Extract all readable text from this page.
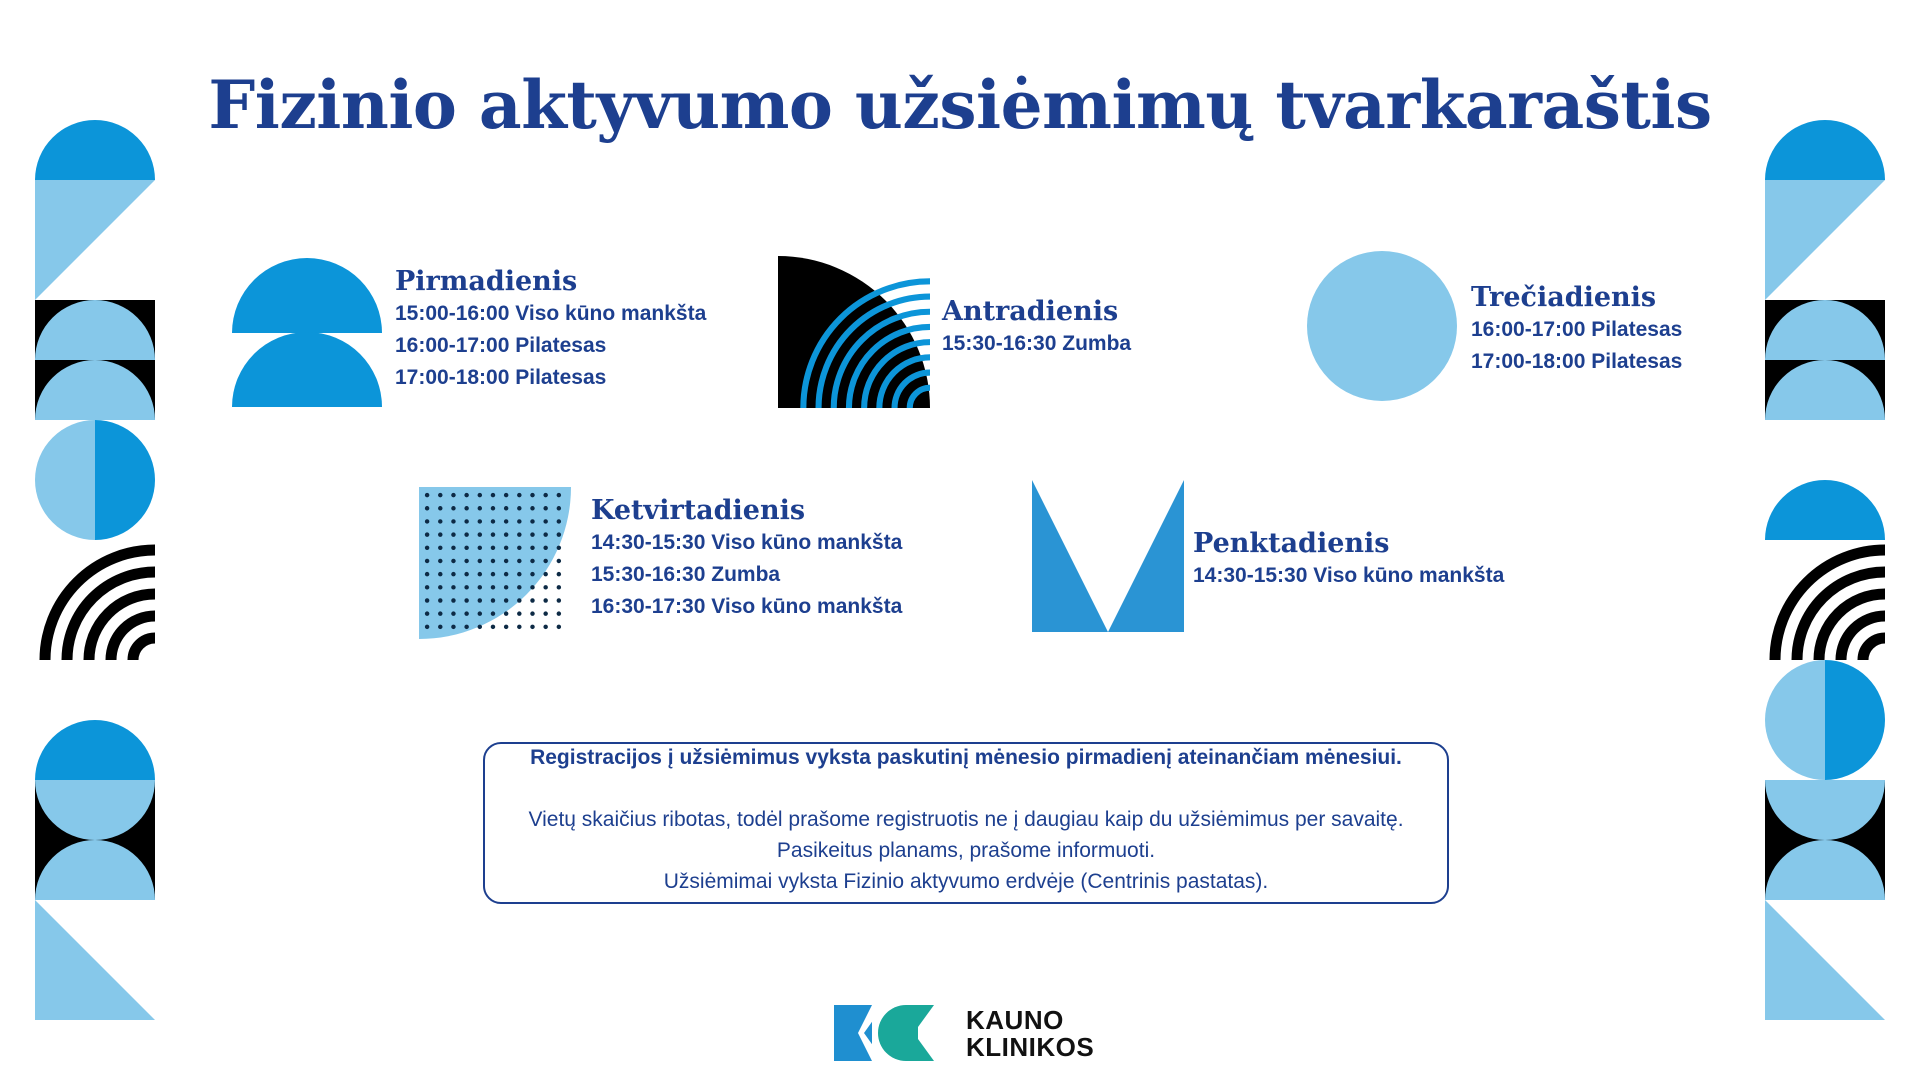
Fizinio aktyvumo užsiėmimų tvarkaraštis
Pirmadienis
15:00-16:00 Viso kūno mankšta
16:00-17:00 Pilatesas
17:00-18:00 Pilatesas
Antradienis
15:30-16:30 Zumba
Trečiadienis
16:00-17:00 Pilatesas
17:00-18:00 Pilatesas
Ketvirtadienis
14:30-15:30 Viso kūno mankšta
15:30-16:30 Zumba
16:30-17:30 Viso kūno mankšta
Penktadienis
14:30-15:30 Viso kūno mankšta
Registracijos į užsiėmimus vyksta paskutinį mėnesio pirmadienį ateinančiam mėnesiui.
Vietų skaičius ribotas, todėl prašome registruotis ne į daugiau kaip du užsiėmimus per savaitę.
Pasikeitus planams, prašome informuoti.
Užsiėmimai vyksta Fizinio aktyvumo erdvėje (Centrinis pastatas).
KAUNO
KLINIKOS
